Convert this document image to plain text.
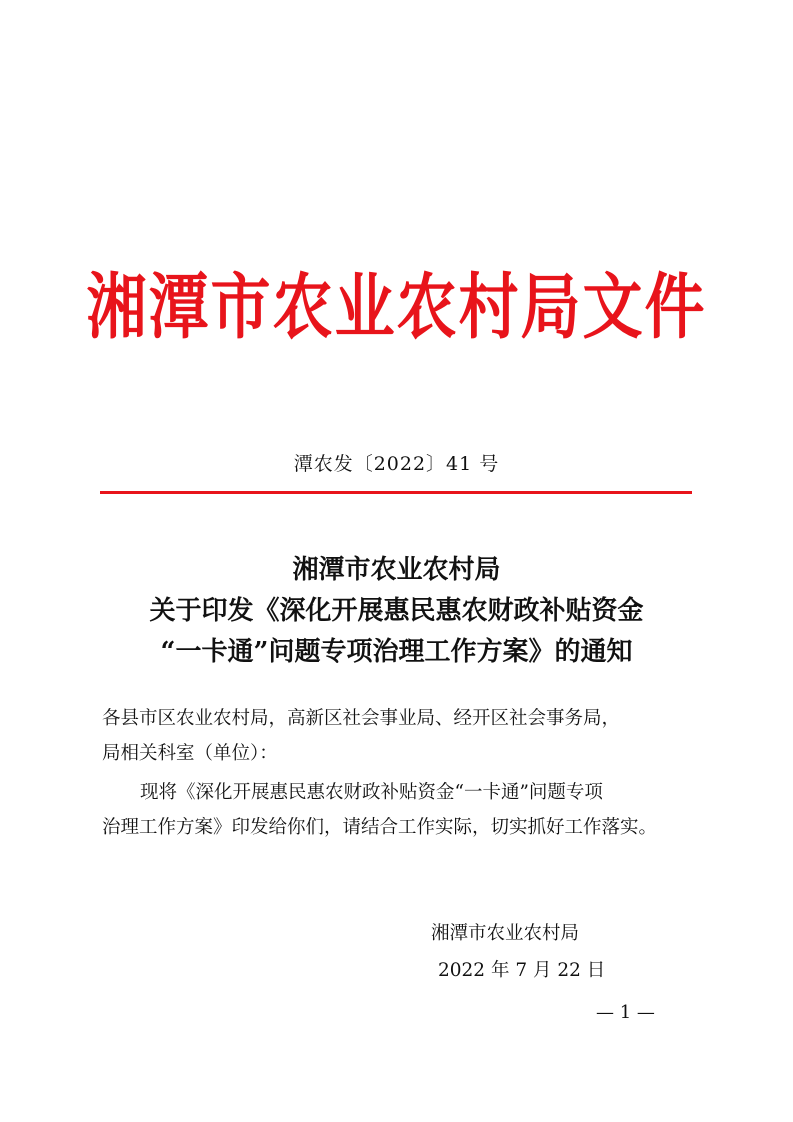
湘潭市农业农村局文件
潭农发〔2022〕41 号
湘潭市农业农村局
关于印发《深化开展惠民惠农财政补贴资金
“一卡通”问题专项治理工作方案》的通知
各县市区农业农村局，高新区社会事业局、经开区社会事务局，
局相关科室（单位）：
现将《深化开展惠民惠农财政补贴资金“一卡通”问题专项
治理工作方案》印发给你们，请结合工作实际，切实抓好工作落实。
湘潭市农业农村局
2022 年 7 月 22 日
— 1 —
